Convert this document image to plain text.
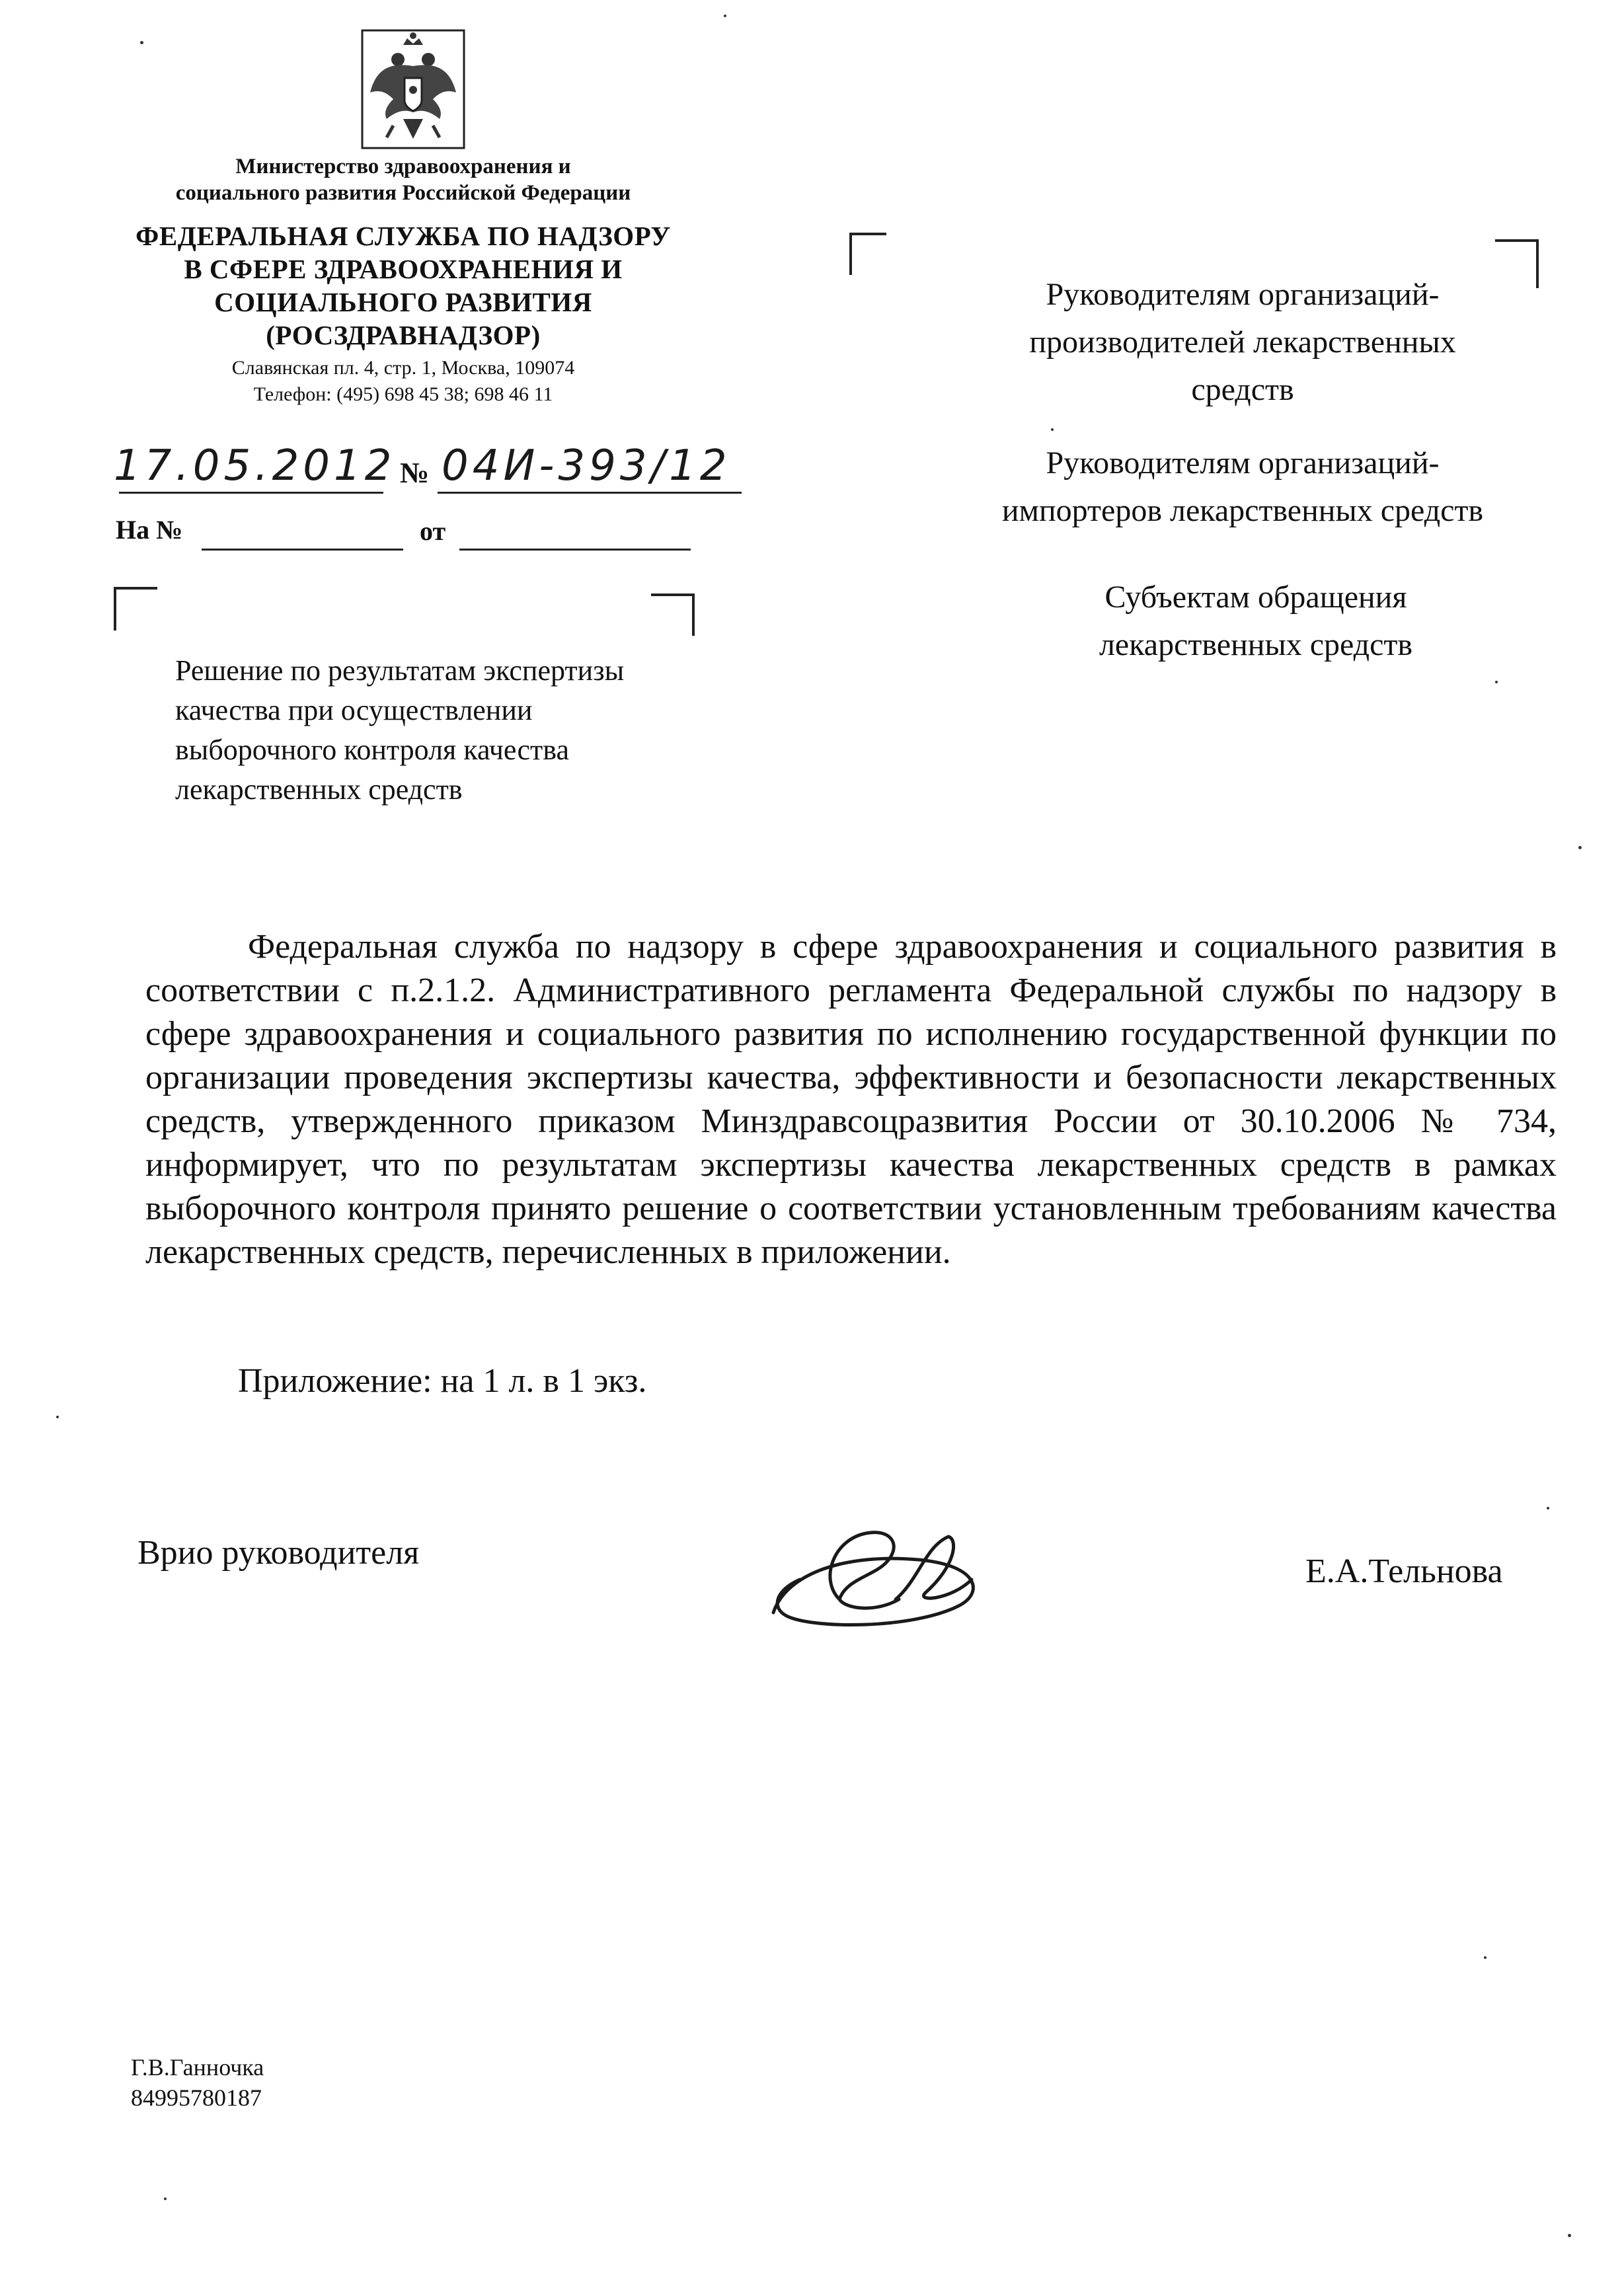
Министерство здравоохранения и
социального развития Российской Федерации
ФЕДЕРАЛЬНАЯ СЛУЖБА ПО НАДЗОРУ
В СФЕРЕ ЗДРАВООХРАНЕНИЯ И
СОЦИАЛЬНОГО РАЗВИТИЯ
(РОСЗДРАВНАДЗОР)
Славянская пл. 4, стр. 1, Москва, 109074
Телефон: (495) 698 45 38; 698 46 11
17.05.2012 № 04И-393/12
На №	от
Решение по результатам экспертизы
качества при осуществлении
выборочного контроля качества
лекарственных средств
Руководителям организаций-
производителей лекарственных
средств
Руководителям организаций-
импортеров лекарственных средств
Субъектам обращения
лекарственных средств
Федеральная служба по надзору в сфере здравоохранения и социального развития в соответствии с п.2.1.2. Административного регламента Федеральной службы по надзору в сфере здравоохранения и социального развития по исполнению государственной функции по организации проведения экспертизы качества, эффективности и безопасности лекарственных средств, утвержденного приказом Минздравсоцразвития России от 30.10.2006 № 734, информирует, что по результатам экспертизы качества лекарственных средств в рамках выборочного контроля принято решение о соответствии установленным требованиям качества лекарственных средств, перечисленных в приложении.
Приложение: на 1 л. в 1 экз.
Врио руководителя	Е.А.Тельнова
Г.В.Ганночка
84995780187
